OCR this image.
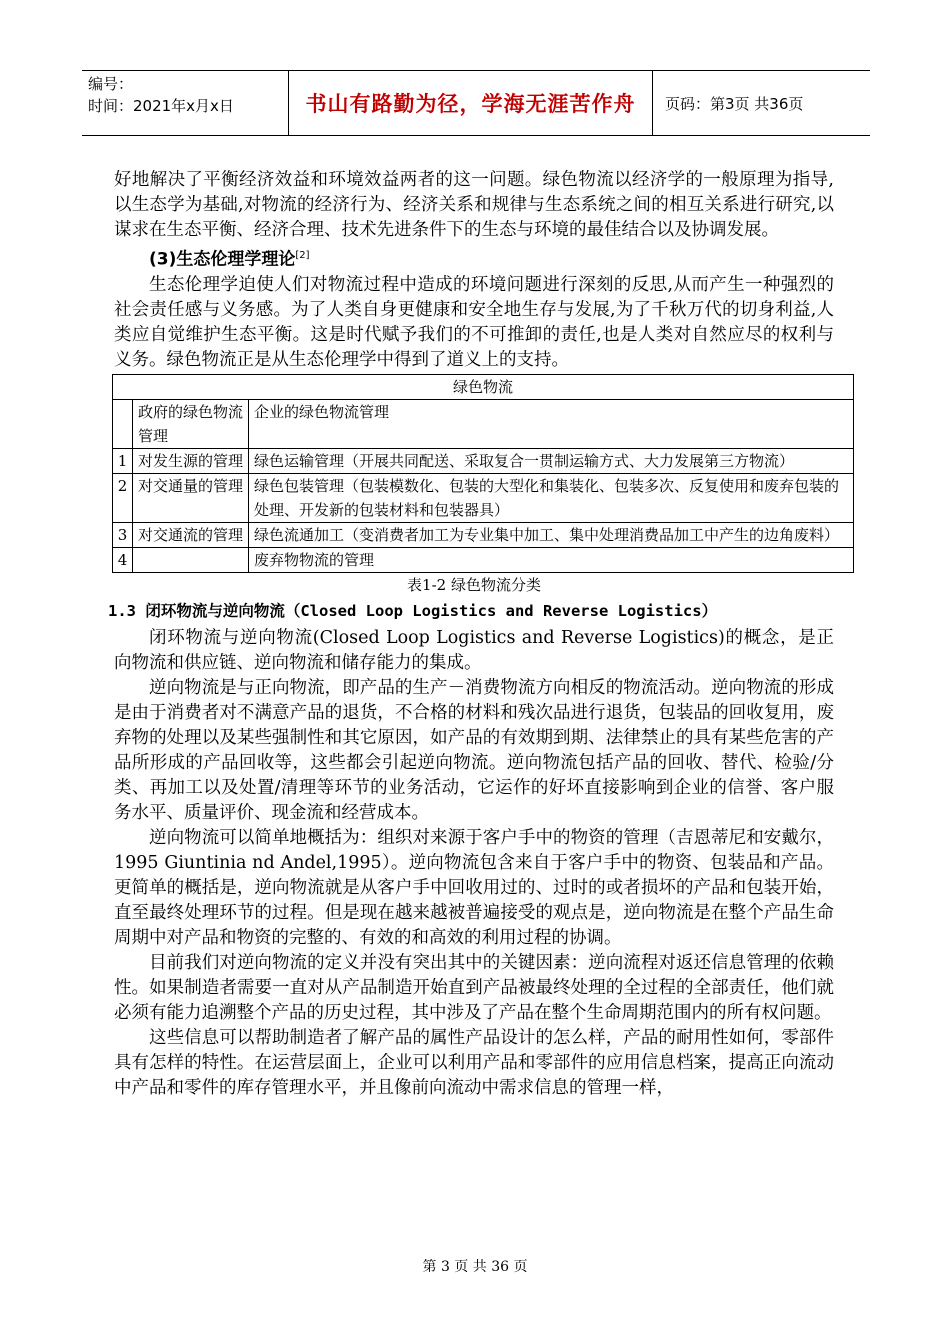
编号：
时间：2021年x月x日	书山有路勤为径，学海无涯苦作舟	页码：第3页 共36页

好地解决了平衡经济效益和环境效益两者的这一问题。绿色物流以经济学的一般原理为指导,以生态学为基础,对物流的经济行为、经济关系和规律与生态系统之间的相互关系进行研究,以谋求在生态平衡、经济合理、技术先进条件下的生态与环境的最佳结合以及协调发展。

(3)生态伦理学理论[2]

生态伦理学迫使人们对物流过程中造成的环境问题进行深刻的反思,从而产生一种强烈的社会责任感与义务感。为了人类自身更健康和安全地生存与发展,为了千秋万代的切身利益,人类应自觉维护生态平衡。这是时代赋予我们的不可推卸的责任,也是人类对自然应尽的权利与义务。绿色物流正是从生态伦理学中得到了道义上的支持。

绿色物流		
	政府的绿色物流管理	企业的绿色物流管理
1	对发生源的管理	绿色运输管理（开展共同配送、采取复合一贯制运输方式、大力发展第三方物流）
2	对交通量的管理	绿色包装管理（包装模数化、包装的大型化和集装化、包装多次、反复使用和废弃包装的处理、开发新的包装材料和包装器具）
3	对交通流的管理	绿色流通加工（变消费者加工为专业集中加工、集中处理消费品加工中产生的边角废料）
4		废弃物物流的管理
表1-2 绿色物流分类

1.3 闭环物流与逆向物流（Closed Loop Logistics and Reverse Logistics）

闭环物流与逆向物流(Closed Loop Logistics and Reverse Logistics)的概念，是正向物流和供应链、逆向物流和储存能力的集成。

逆向物流是与正向物流，即产品的生产－消费物流方向相反的物流活动。逆向物流的形成是由于消费者对不满意产品的退货，不合格的材料和残次品进行退货，包装品的回收复用，废弃物的处理以及某些强制性和其它原因，如产品的有效期到期、法律禁止的具有某些危害的产品所形成的产品回收等，这些都会引起逆向物流。逆向物流包括产品的回收、替代、检验/分类、再加工以及处置/清理等环节的业务活动，它运作的好坏直接影响到企业的信誉、客户服务水平、质量评价、现金流和经营成本。

逆向物流可以简单地概括为：组织对来源于客户手中的物资的管理（吉恩蒂尼和安戴尔，1995 Giuntinia nd Andel,1995）。逆向物流包含来自于客户手中的物资、包装品和产品。更简单的概括是，逆向物流就是从客户手中回收用过的、过时的或者损坏的产品和包装开始，直至最终处理环节的过程。但是现在越来越被普遍接受的观点是，逆向物流是在整个产品生命周期中对产品和物资的完整的、有效的和高效的利用过程的协调。

目前我们对逆向物流的定义并没有突出其中的关键因素：逆向流程对返还信息管理的依赖性。如果制造者需要一直对从产品制造开始直到产品被最终处理的全过程的全部责任，他们就必须有能力追溯整个产品的历史过程，其中涉及了产品在整个生命周期范围内的所有权问题。

这些信息可以帮助制造者了解产品的属性产品设计的怎么样，产品的耐用性如何，零部件具有怎样的特性。在运营层面上，企业可以利用产品和零部件的应用信息档案，提高正向流动中产品和零件的库存管理水平，并且像前向流动中需求信息的管理一样，

第 3 页 共 36 页
